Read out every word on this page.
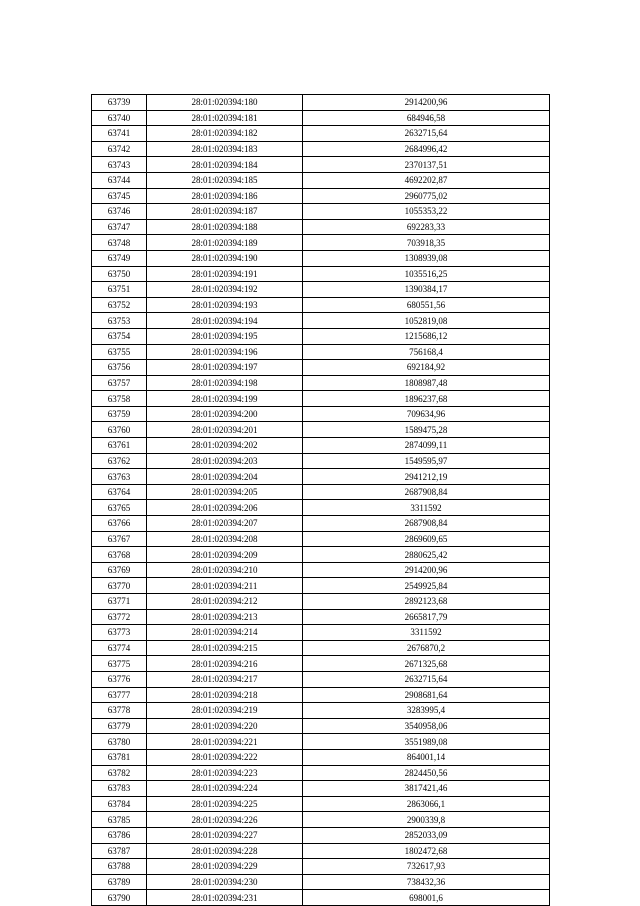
63739	28:01:020394:180	2914200,96
63740	28:01:020394:181	684946,58
63741	28:01:020394:182	2632715,64
63742	28:01:020394:183	2684996,42
63743	28:01:020394:184	2370137,51
63744	28:01:020394:185	4692202,87
63745	28:01:020394:186	2960775,02
63746	28:01:020394:187	1055353,22
63747	28:01:020394:188	692283,33
63748	28:01:020394:189	703918,35
63749	28:01:020394:190	1308939,08
63750	28:01:020394:191	1035516,25
63751	28:01:020394:192	1390384,17
63752	28:01:020394:193	680551,56
63753	28:01:020394:194	1052819,08
63754	28:01:020394:195	1215686,12
63755	28:01:020394:196	756168,4
63756	28:01:020394:197	692184,92
63757	28:01:020394:198	1808987,48
63758	28:01:020394:199	1896237,68
63759	28:01:020394:200	709634,96
63760	28:01:020394:201	1589475,28
63761	28:01:020394:202	2874099,11
63762	28:01:020394:203	1549595,97
63763	28:01:020394:204	2941212,19
63764	28:01:020394:205	2687908,84
63765	28:01:020394:206	3311592
63766	28:01:020394:207	2687908,84
63767	28:01:020394:208	2869609,65
63768	28:01:020394:209	2880625,42
63769	28:01:020394:210	2914200,96
63770	28:01:020394:211	2549925,84
63771	28:01:020394:212	2892123,68
63772	28:01:020394:213	2665817,79
63773	28:01:020394:214	3311592
63774	28:01:020394:215	2676870,2
63775	28:01:020394:216	2671325,68
63776	28:01:020394:217	2632715,64
63777	28:01:020394:218	2908681,64
63778	28:01:020394:219	3283995,4
63779	28:01:020394:220	3540958,06
63780	28:01:020394:221	3551989,08
63781	28:01:020394:222	864001,14
63782	28:01:020394:223	2824450,56
63783	28:01:020394:224	3817421,46
63784	28:01:020394:225	2863066,1
63785	28:01:020394:226	2900339,8
63786	28:01:020394:227	2852033,09
63787	28:01:020394:228	1802472,68
63788	28:01:020394:229	732617,93
63789	28:01:020394:230	738432,36
63790	28:01:020394:231	698001,6
